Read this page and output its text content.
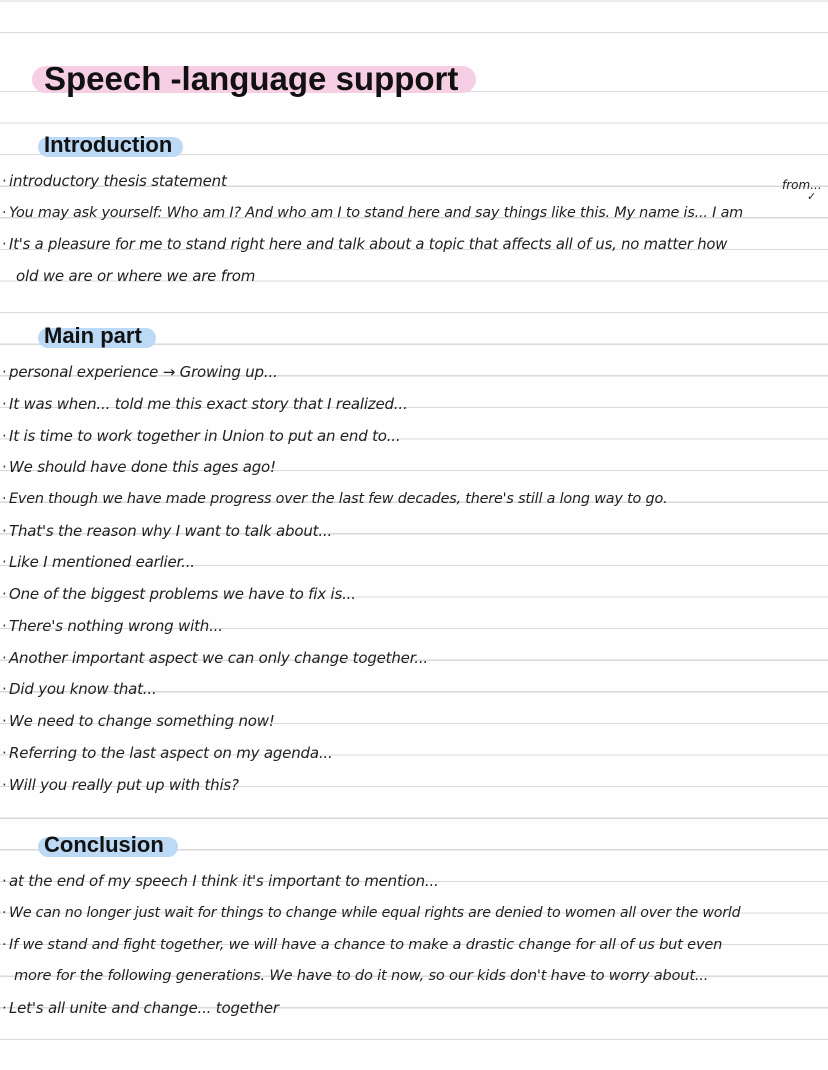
Speech -language support
Introduction
· introductory thesis statement
· You may ask yourself: Who am I? And who am I to stand here and say things like this. My name is... I am
· It's a pleasure for me to stand right here and talk about a topic that affects all of us, no matter how
old we are or where we are from
from...
✓
Main part
· personal experience → Growing up...
· It was when... told me this exact story that I realized...
· It is time to work together in Union to put an end to...
· We should have done this ages ago!
· Even though we have made progress over the last few decades, there's still a long way to go.
· That's the reason why I want to talk about...
· Like I mentioned earlier...
· One of the biggest problems we have to fix is...
· There's nothing wrong with...
· Another important aspect we can only change together...
· Did you know that...
· We need to change something now!
· Referring to the last aspect on my agenda...
· Will you really put up with this?
Conclusion
· at the end of my speech I think it's important to mention...
· We can no longer just wait for things to change while equal rights are denied to women all over the world
· If we stand and fight together, we will have a chance to make a drastic change for all of us but even
more for the following generations. We have to do it now, so our kids don't have to worry about...
· Let's all unite and change... together
